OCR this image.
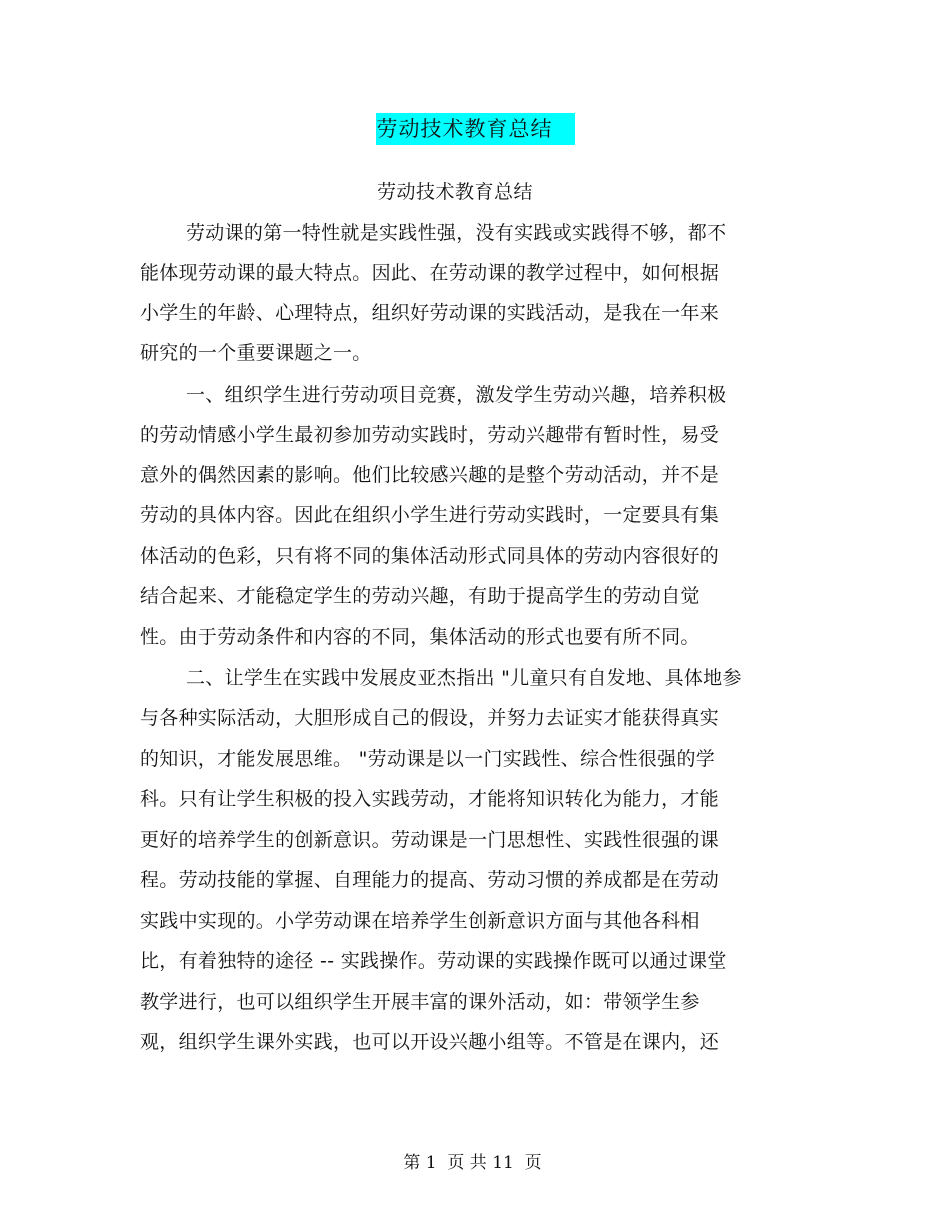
劳动技术教育总结
劳动技术教育总结
劳动课的第一特性就是实践性强，没有实践或实践得不够，都不
能体现劳动课的最大特点。因此、在劳动课的教学过程中，如何根据
小学生的年龄、心理特点，组织好劳动课的实践活动，是我在一年来
研究的一个重要课题之一。
一、组织学生进行劳动项目竞赛，激发学生劳动兴趣，培养积极
的劳动情感小学生最初参加劳动实践时，劳动兴趣带有暂时性，易受
意外的偶然因素的影响。他们比较感兴趣的是整个劳动活动，并不是
劳动的具体内容。因此在组织小学生进行劳动实践时，一定要具有集
体活动的色彩，只有将不同的集体活动形式同具体的劳动内容很好的
结合起来、才能稳定学生的劳动兴趣，有助于提高学生的劳动自觉
性。由于劳动条件和内容的不同，集体活动的形式也要有所不同。
二、让学生在实践中发展皮亚杰指出 "儿童只有自发地、具体地参
与各种实际活动，大胆形成自己的假设，并努力去证实才能获得真实
的知识，才能发展思维。 "劳动课是以一门实践性、综合性很强的学
科。只有让学生积极的投入实践劳动，才能将知识转化为能力，才能
更好的培养学生的创新意识。劳动课是一门思想性、实践性很强的课
程。劳动技能的掌握、自理能力的提高、劳动习惯的养成都是在劳动
实践中实现的。小学劳动课在培养学生创新意识方面与其他各科相
比，有着独特的途径 -- 实践操作。劳动课的实践操作既可以通过课堂
教学进行，也可以组织学生开展丰富的课外活动，如：带领学生参
观，组织学生课外实践，也可以开设兴趣小组等。不管是在课内，还
第 1  页 共 11  页
